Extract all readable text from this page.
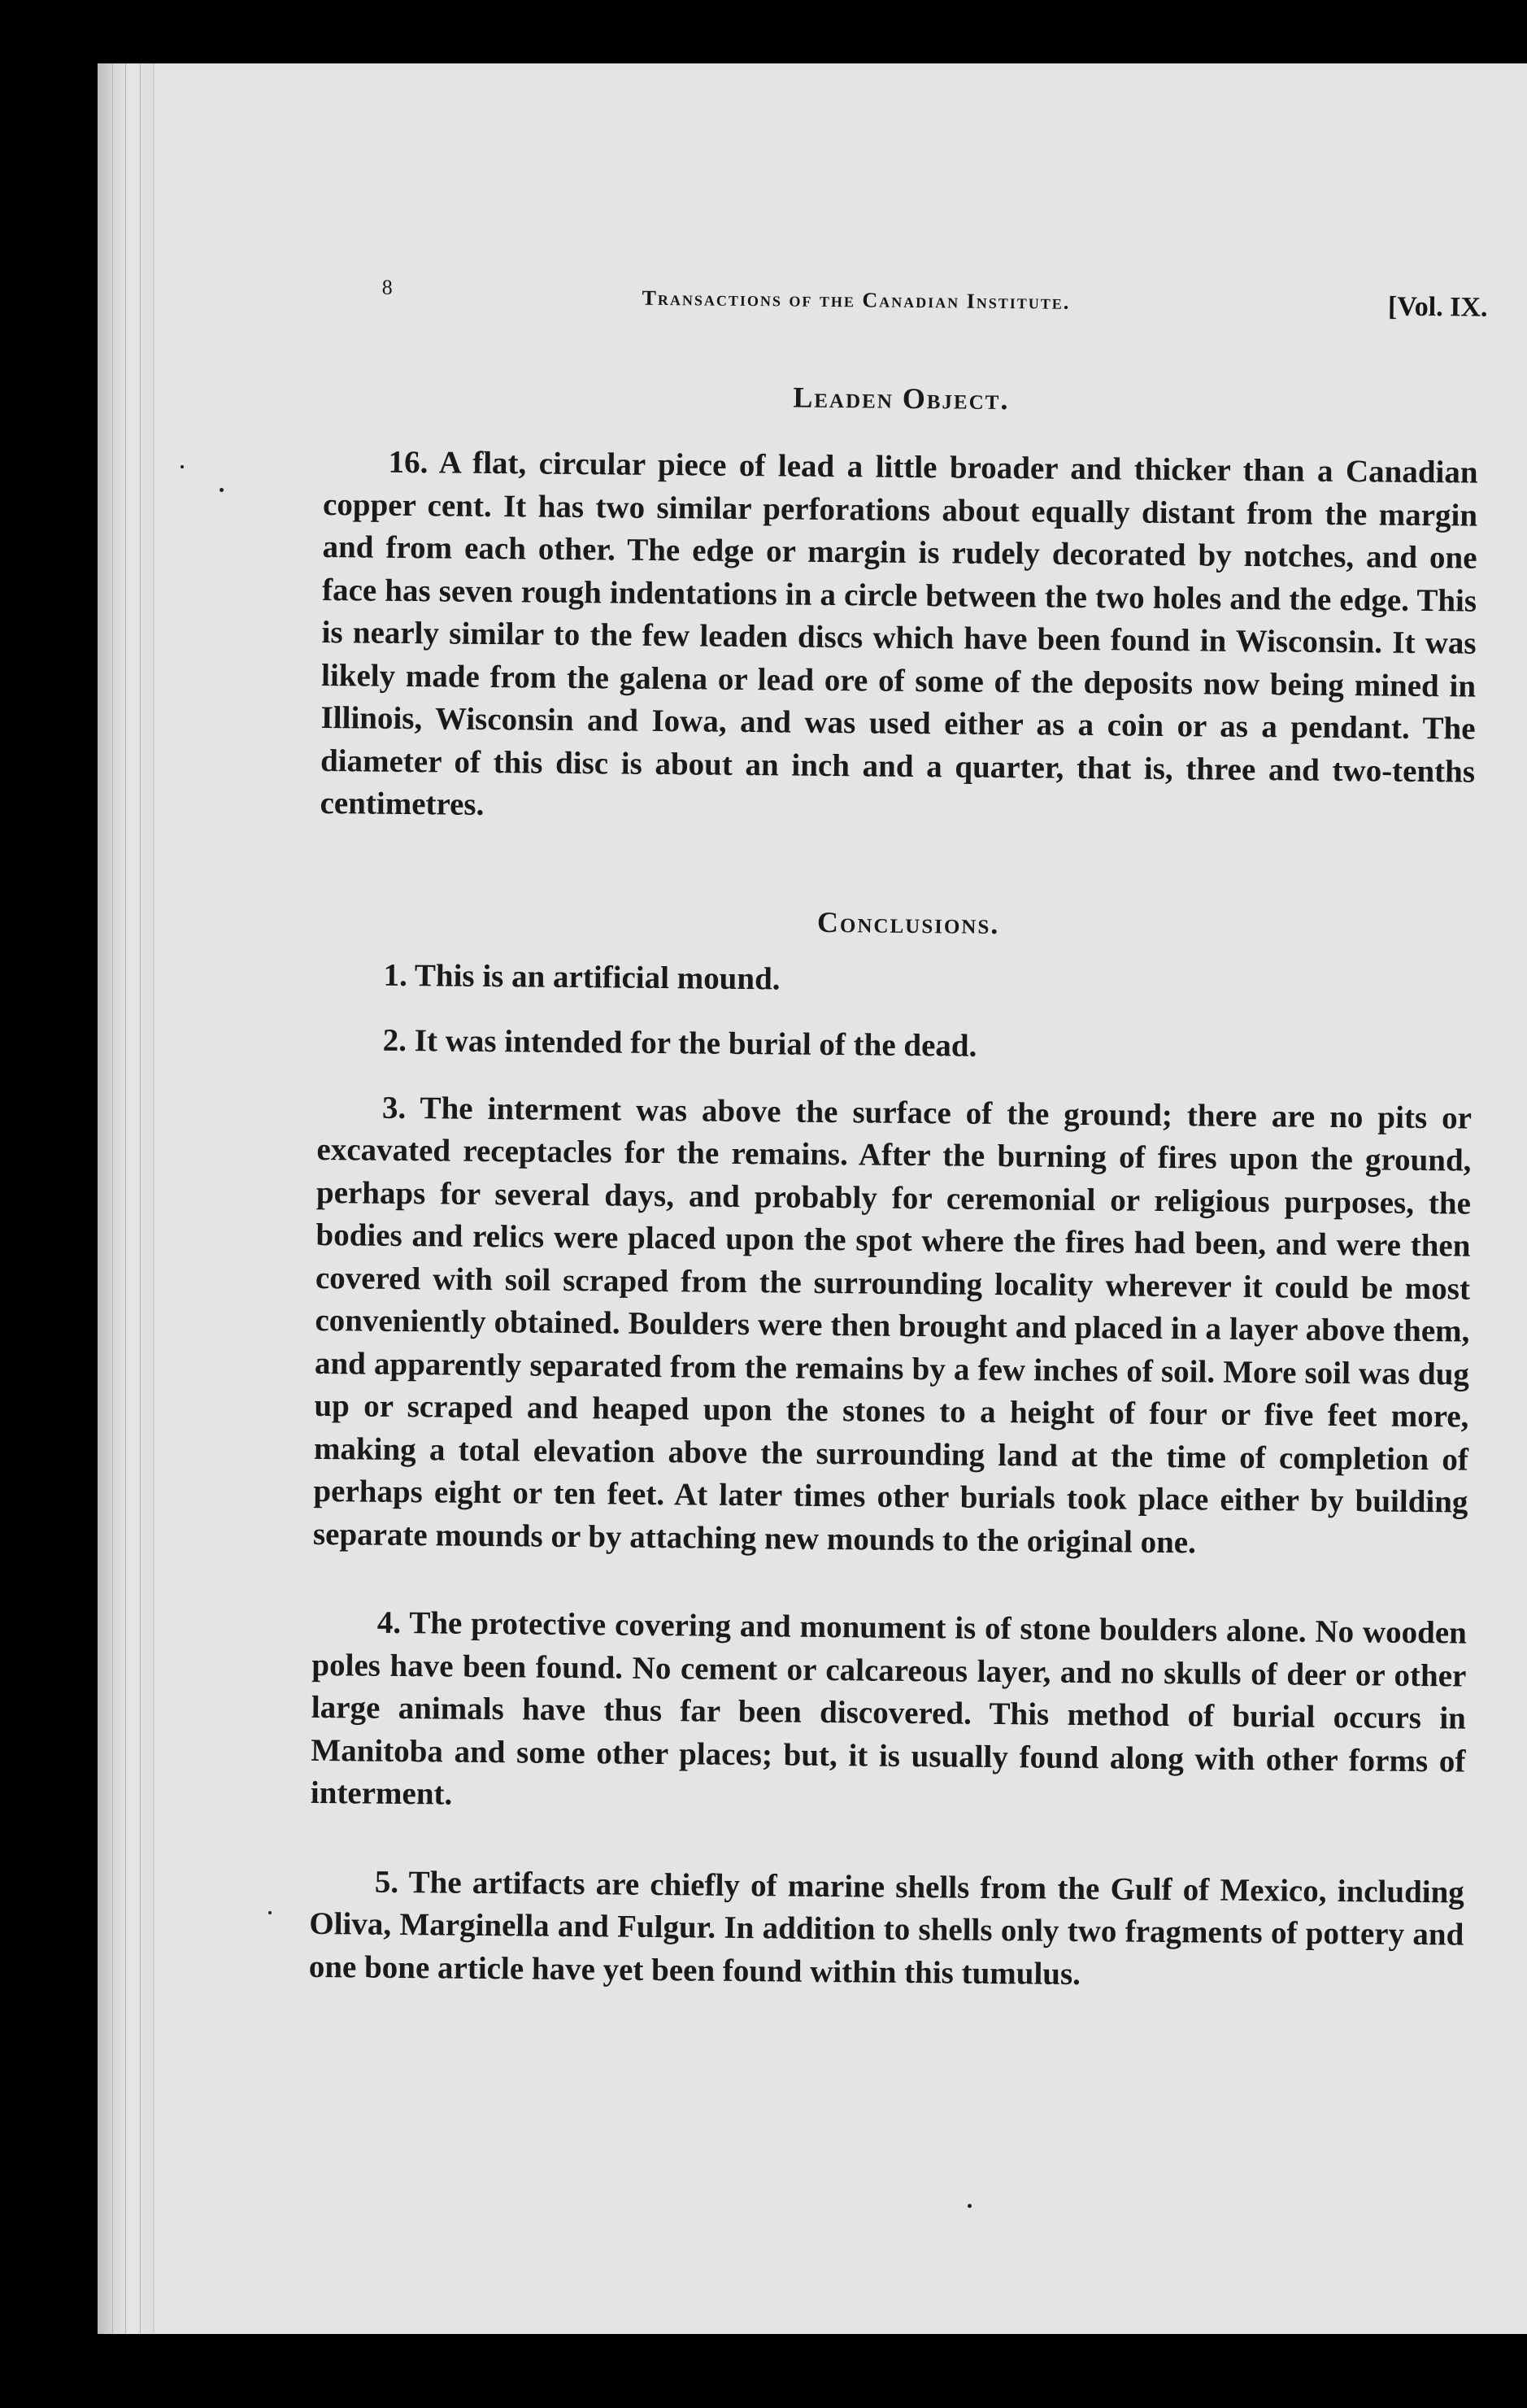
8	Transactions of the Canadian Institute.	[Vol. IX.
Leaden Object.

16. A flat, circular piece of lead a little broader and thicker than a Canadian copper cent. It has two similar perforations about equally distant from the margin and from each other. The edge or margin is rudely decorated by notches, and one face has seven rough indentations in a circle between the two holes and the edge. This is nearly similar to the few leaden discs which have been found in Wisconsin. It was likely made from the galena or lead ore of some of the deposits now being mined in Illinois, Wisconsin and Iowa, and was used either as a coin or as a pendant. The diameter of this disc is about an inch and a quarter, that is, three and two-tenths centimetres.

Conclusions.

1. This is an artificial mound.

2. It was intended for the burial of the dead.

3. The interment was above the surface of the ground; there are no pits or excavated receptacles for the remains. After the burning of fires upon the ground, perhaps for several days, and probably for ceremonial or religious purposes, the bodies and relics were placed upon the spot where the fires had been, and were then covered with soil scraped from the surrounding locality wherever it could be most conveniently obtained. Boulders were then brought and placed in a layer above them, and apparently separated from the remains by a few inches of soil. More soil was dug up or scraped and heaped upon the stones to a height of four or five feet more, making a total elevation above the surrounding land at the time of completion of perhaps eight or ten feet. At later times other burials took place either by building separate mounds or by attaching new mounds to the original one.

4. The protective covering and monument is of stone boulders alone. No wooden poles have been found. No cement or calcareous layer, and no skulls of deer or other large animals have thus far been discovered. This method of burial occurs in Manitoba and some other places; but, it is usually found along with other forms of interment.

5. The artifacts are chiefly of marine shells from the Gulf of Mexico, including Oliva, Marginella and Fulgur. In addition to shells only two fragments of pottery and one bone article have yet been found within this tumulus.
